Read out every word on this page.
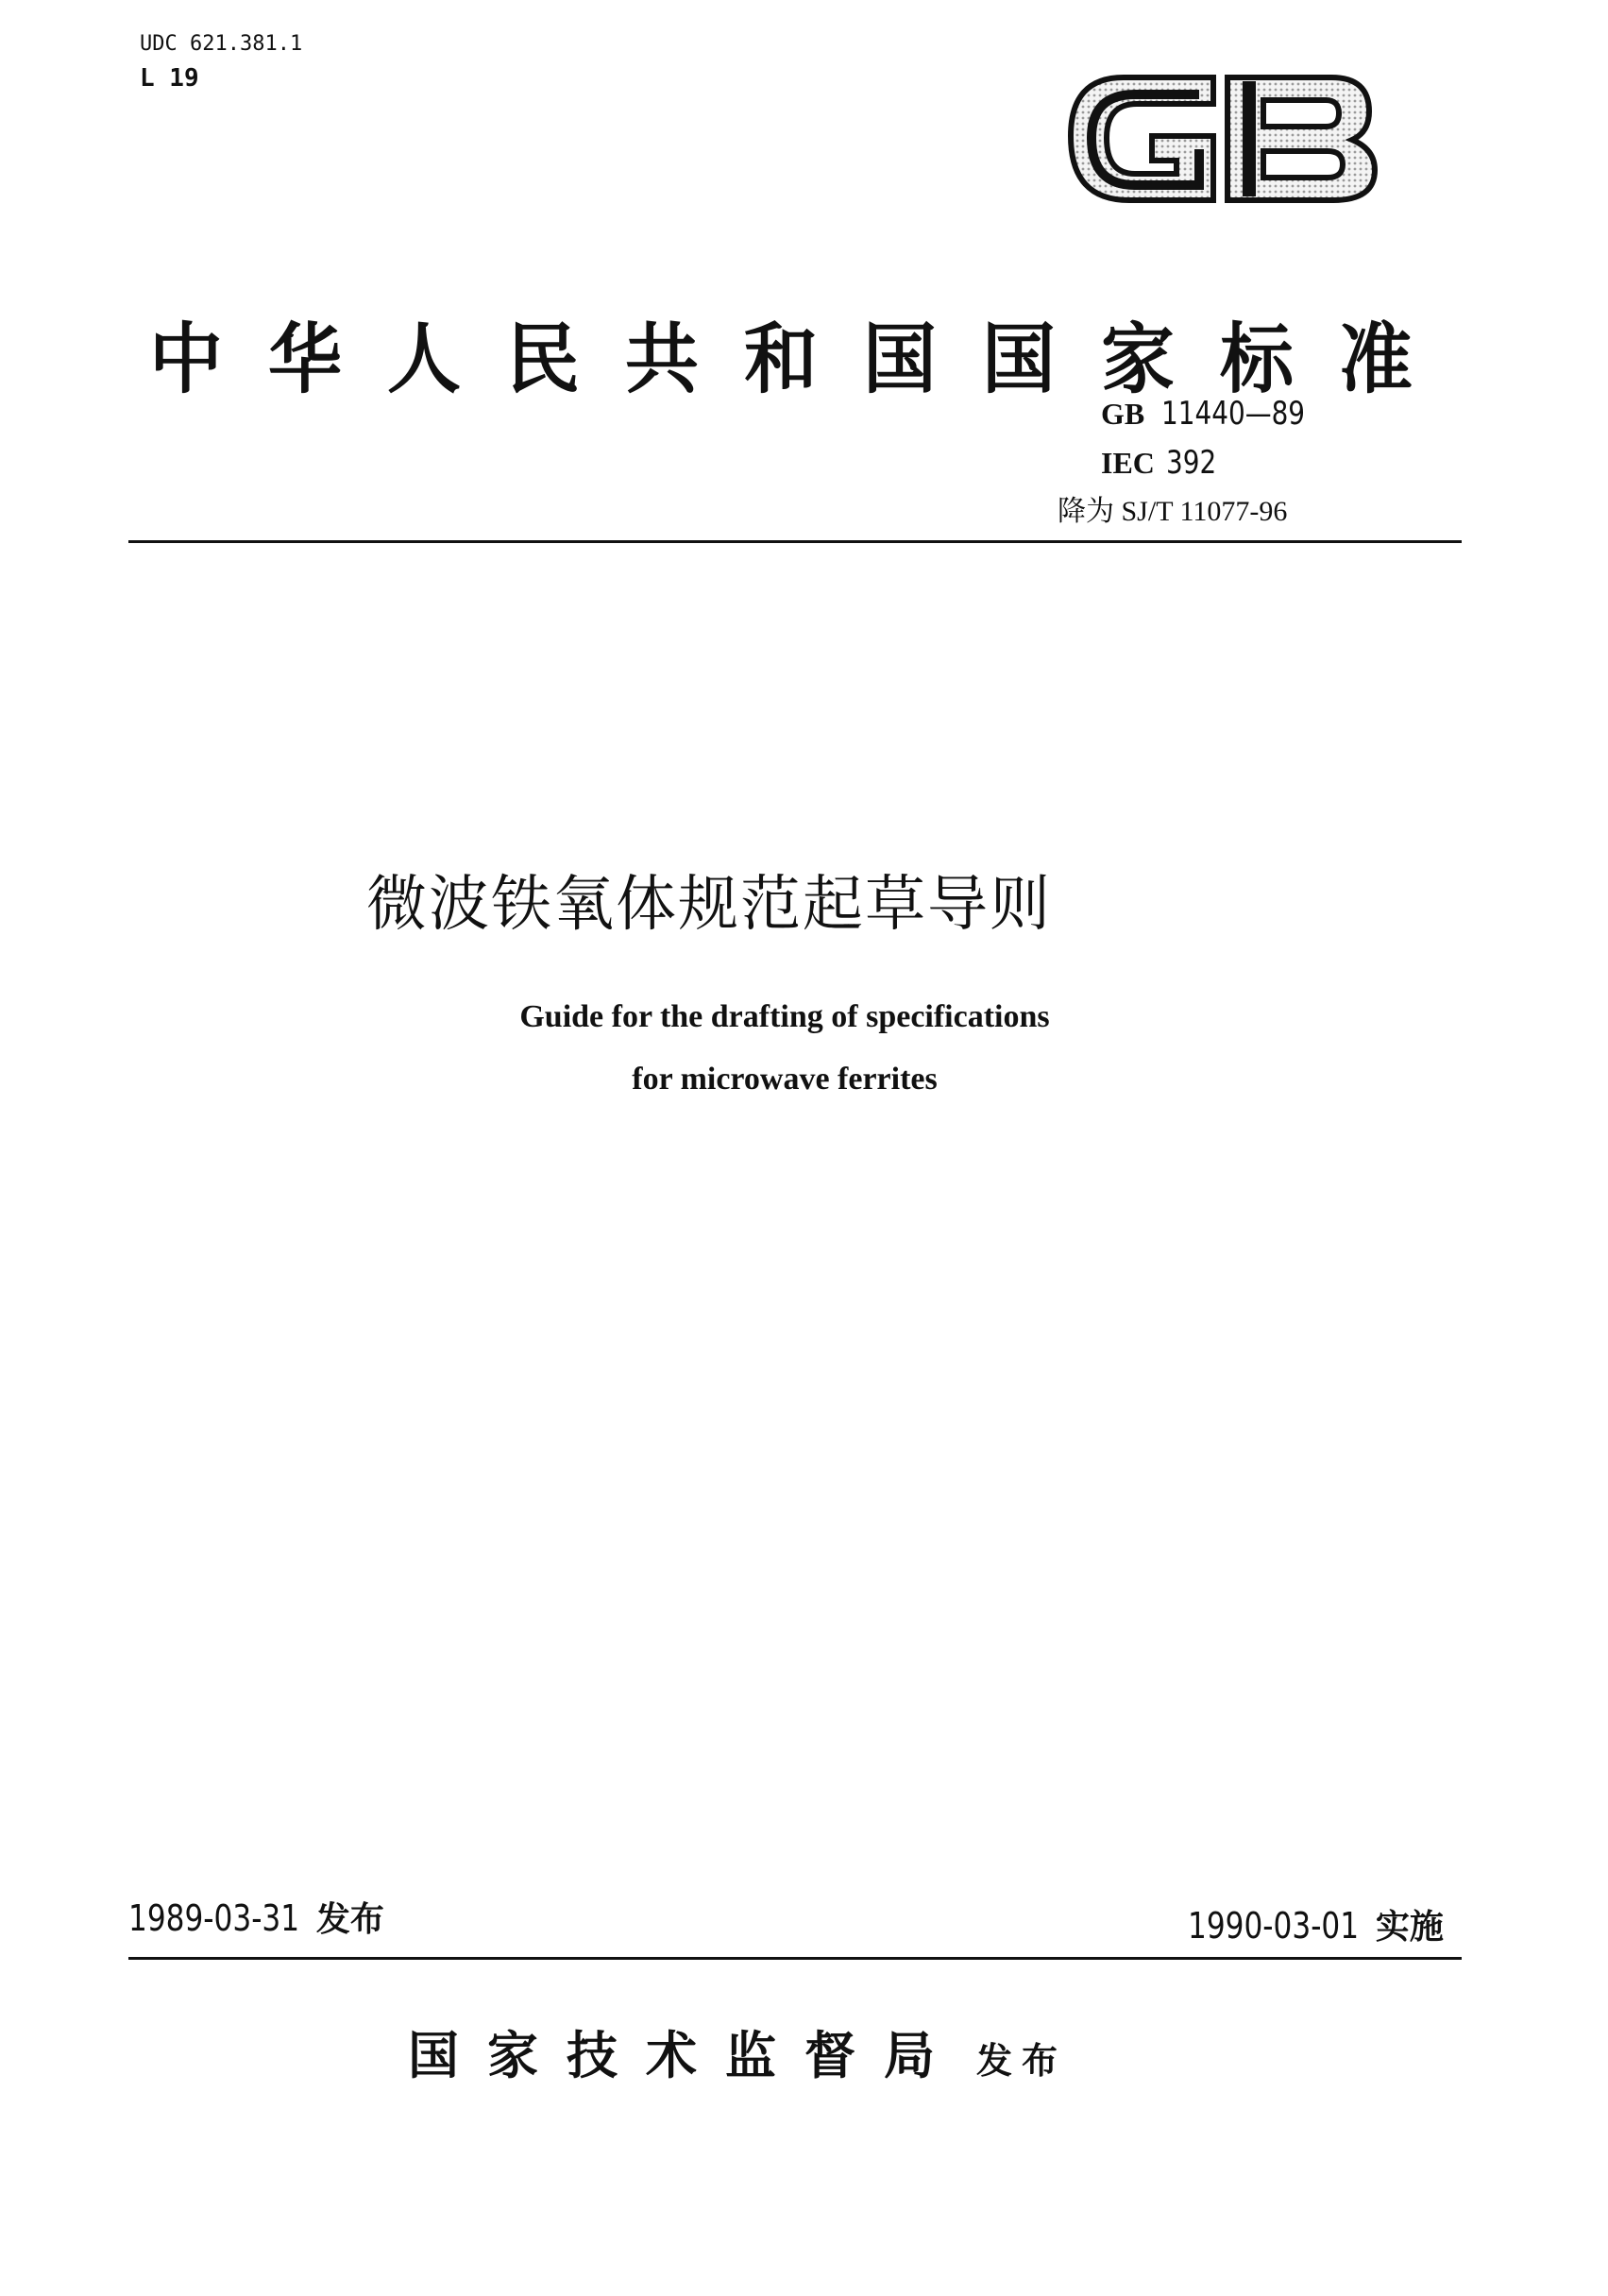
UDC 621.381.1
L 19
中华人民共和国国家标准
GB 11440—89
IEC 392
降为 SJ/T 11077-96
微波铁氧体规范起草导则
Guide for the drafting of specifications
for microwave ferrites
1989-03-31 发布	1990-03-01 实施
国家技术监督局 发布
